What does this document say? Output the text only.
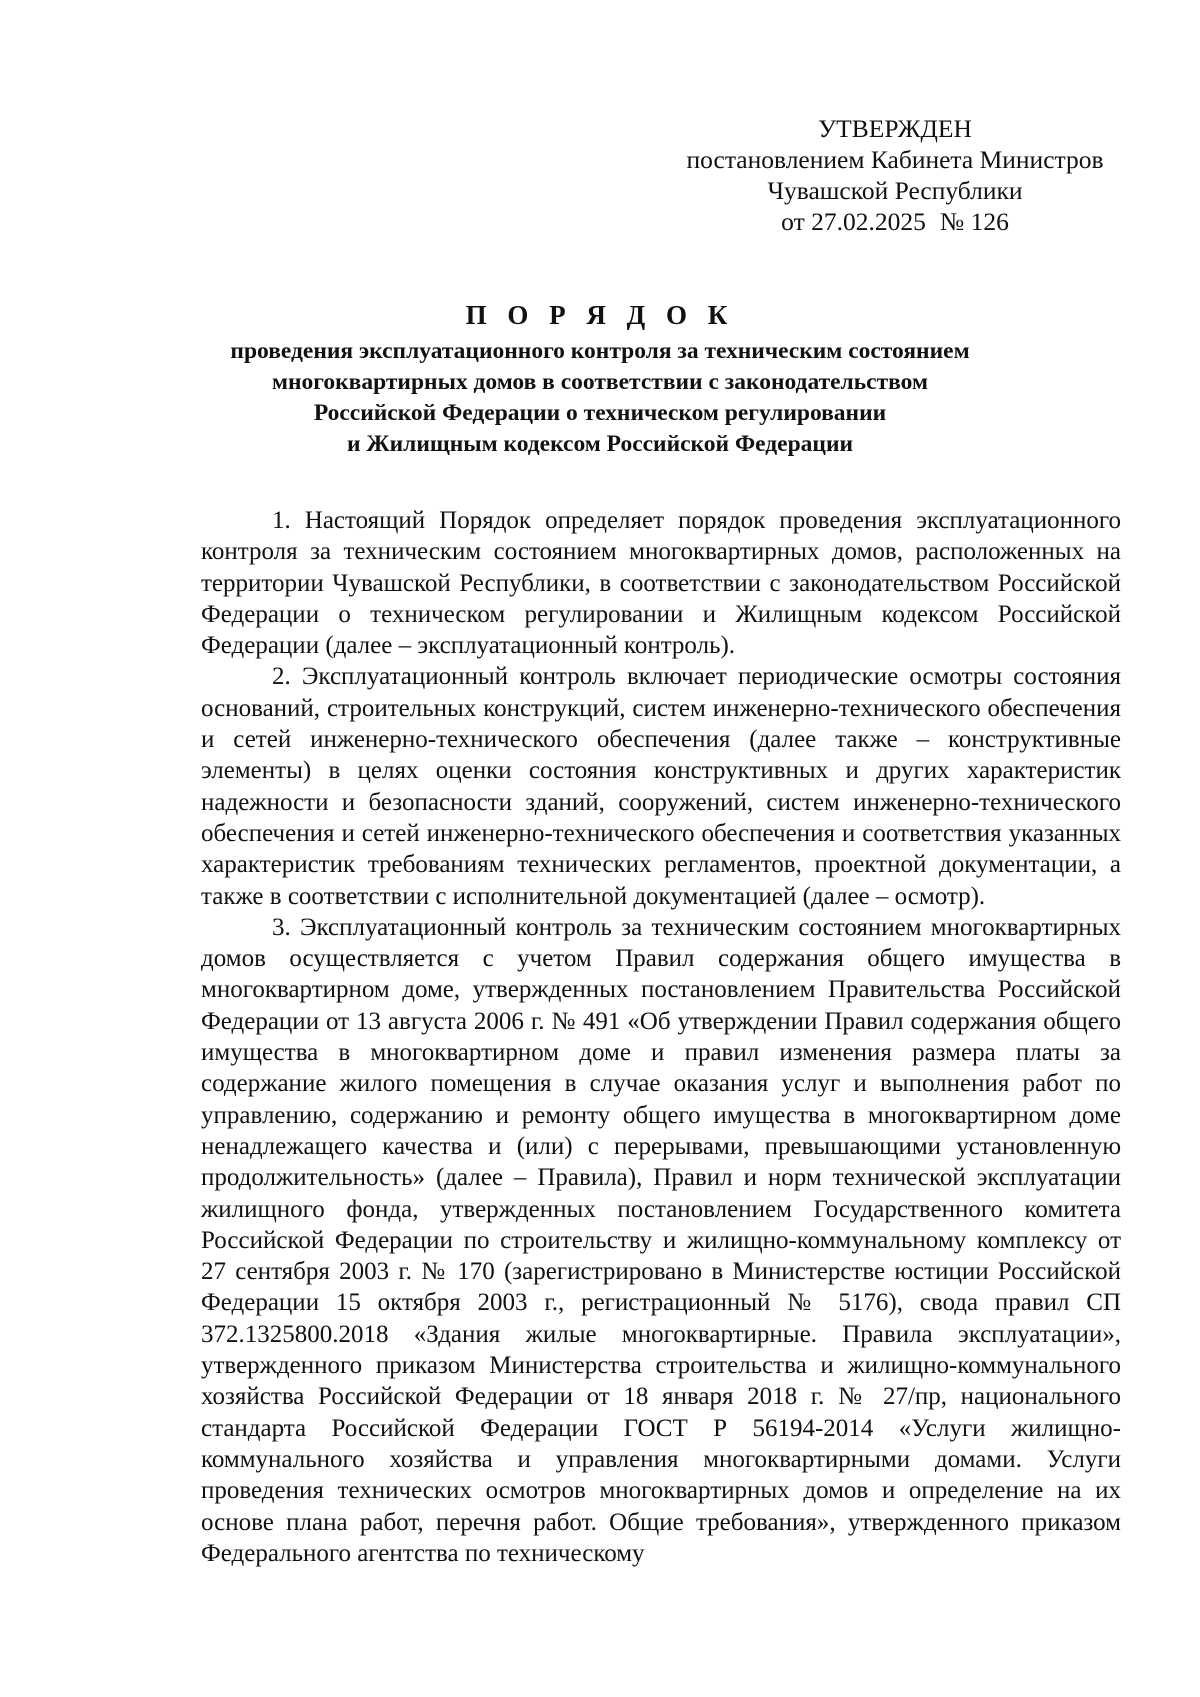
УТВЕРЖДЕН
постановлением Кабинета Министров
Чувашской Республики
от 27.02.2025 № 126
П О Р Я Д О К
проведения эксплуатационного контроля за техническим состоянием
многоквартирных домов в соответствии с законодательством
Российской Федерации о техническом регулировании
и Жилищным кодексом Российской Федерации

1. Настоящий Порядок определяет порядок проведения эксплуатационного контроля за техническим состоянием многоквартирных домов, расположенных на территории Чувашской Республики, в соответствии с законодательством Российской Федерации о техническом регулировании и Жилищным кодексом Российской Федерации (далее – эксплуатационный контроль).

2. Эксплуатационный контроль включает периодические осмотры состояния оснований, строительных конструкций, систем инженерно-технического обеспечения и сетей инженерно-технического обеспечения (далее также – конструктивные элементы) в целях оценки состояния конструктивных и других характеристик надежности и безопасности зданий, сооружений, систем инженерно-технического обеспечения и сетей инженерно-технического обеспечения и соответствия указанных характеристик требованиям технических регламентов, проектной документации, а также в соответствии с исполнительной документацией (далее – осмотр).

3. Эксплуатационный контроль за техническим состоянием многоквартирных домов осуществляется с учетом Правил содержания общего имущества в многоквартирном доме, утвержденных постановлением Правительства Российской Федерации от 13 августа 2006 г. № 491 «Об утверждении Правил содержания общего имущества в многоквартирном доме и правил изменения размера платы за содержание жилого помещения в случае оказания услуг и выполнения работ по управлению, содержанию и ремонту общего имущества в многоквартирном доме ненадлежащего качества и (или) с перерывами, превышающими установленную продолжительность» (далее – Правила), Правил и норм технической эксплуатации жилищного фонда, утвержденных постановлением Государственного комитета Российской Федерации по строительству и жилищно-коммунальному комплексу от 27 сентября 2003 г. № 170 (зарегистрировано в Министерстве юстиции Российской Федерации 15 октября 2003 г., регистрационный № 5176), свода правил СП 372.1325800.2018 «Здания жилые многоквартирные. Правила эксплуатации», утвержденного приказом Министерства строительства и жилищно-коммунального хозяйства Российской Федерации от 18 января 2018 г. № 27/пр, национального стандарта Российской Федерации ГОСТ Р 56194-2014 «Услуги жилищно-коммунального хозяйства и управления многоквартирными домами. Услуги проведения технических осмотров многоквартирных домов и определение на их основе плана работ, перечня работ. Общие требования», утвержденного приказом Федерального агентства по техническому
